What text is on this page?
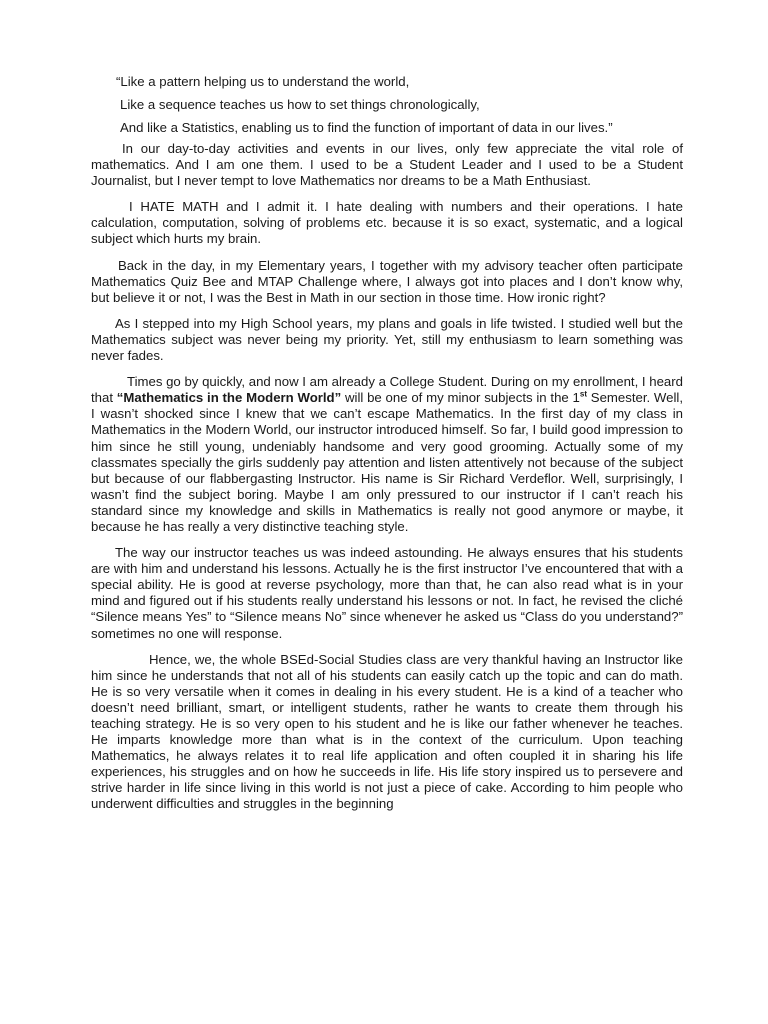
“Like a pattern helping us to understand the world,
Like a sequence teaches us how to set things chronologically,
And like a Statistics, enabling us to find the function of important of data in our lives.”

In our day-to-day activities and events in our lives, only few appreciate the vital role of mathematics. And I am one them. I used to be a Student Leader and I used to be a Student Journalist, but I never tempt to love Mathematics nor dreams to be a Math Enthusiast.

I HATE MATH and I admit it. I hate dealing with numbers and their operations. I hate calculation, computation, solving of problems etc. because it is so exact, systematic, and a logical subject which hurts my brain.

Back in the day, in my Elementary years, I together with my advisory teacher often participate Mathematics Quiz Bee and MTAP Challenge where, I always got into places and I don’t know why, but believe it or not, I was the Best in Math in our section in those time. How ironic right?

As I stepped into my High School years, my plans and goals in life twisted. I studied well but the Mathematics subject was never being my priority. Yet, still my enthusiasm to learn something was never fades.

Times go by quickly, and now I am already a College Student. During on my enrollment, I heard that “Mathematics in the Modern World” will be one of my minor subjects in the 1st Semester. Well, I wasn’t shocked since I knew that we can’t escape Mathematics. In the first day of my class in Mathematics in the Modern World, our instructor introduced himself. So far, I build good impression to him since he still young, undeniably handsome and very good grooming. Actually some of my classmates specially the girls suddenly pay attention and listen attentively not because of the subject but because of our flabbergasting Instructor. His name is Sir Richard Verdeflor. Well, surprisingly, I wasn’t find the subject boring. Maybe I am only pressured to our instructor if I can’t reach his standard since my knowledge and skills in Mathematics is really not good anymore or maybe, it because he has really a very distinctive teaching style.

The way our instructor teaches us was indeed astounding. He always ensures that his students are with him and understand his lessons. Actually he is the first instructor I’ve encountered that with a special ability. He is good at reverse psychology, more than that, he can also read what is in your mind and figured out if his students really understand his lessons or not. In fact, he revised the cliché “Silence means Yes” to “Silence means No” since whenever he asked us “Class do you understand?” sometimes no one will response.

Hence, we, the whole BSEd-Social Studies class are very thankful having an Instructor like him since he understands that not all of his students can easily catch up the topic and can do math. He is so very versatile when it comes in dealing in his every student. He is a kind of a teacher who doesn’t need brilliant, smart, or intelligent students, rather he wants to create them through his teaching strategy. He is so very open to his student and he is like our father whenever he teaches. He imparts knowledge more than what is in the context of the curriculum. Upon teaching Mathematics, he always relates it to real life application and often coupled it in sharing his life experiences, his struggles and on how he succeeds in life. His life story inspired us to persevere and strive harder in life since living in this world is not just a piece of cake. According to him people who underwent difficulties and struggles in the beginning
